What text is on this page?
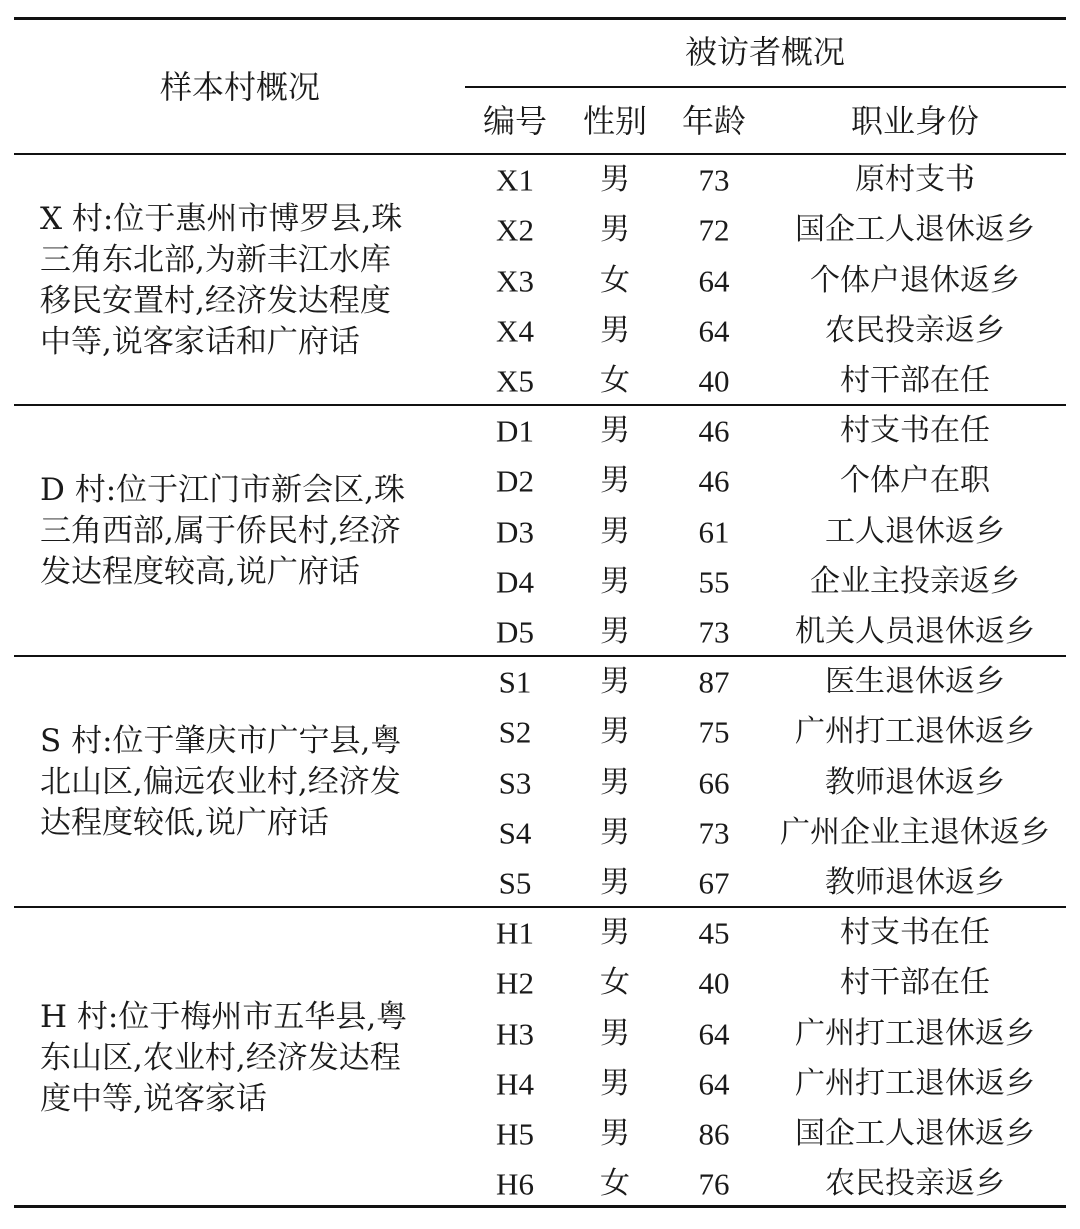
样本村概况
被访者概况
编号 性别 年龄	职业身份
X 村:位于惠州市博罗县,珠
三角东北部,为新丰江水库
移民安置村,经济发达程度
中等,说客家话和广府话
X1 男 73	原村支书
X2 男 72 国企工人退休返乡
X3 女 64	个体户退休返乡
X4 男 64	农民投亲返乡
X5 女 40	村干部在任
D 村:位于江门市新会区,珠
三角西部,属于侨民村,经济
发达程度较高,说广府话
D1 男 46	村支书在任
D2 男 46	个体户在职
D3 男 61	工人退休返乡
D4 男 55	企业主投亲返乡
D5 男 73 机关人员退休返乡
S 村:位于肇庆市广宁县,粤
北山区,偏远农业村,经济发
达程度较低,说广府话
S1 男 87	医生退休返乡
S2 男 75 广州打工退休返乡
S3 男 66	教师退休返乡
S4 男 73 广州企业主退休返乡
S5 男 67	教师退休返乡
H 村:位于梅州市五华县,粤
东山区,农业村,经济发达程
度中等,说客家话
H1 男 45	村支书在任
H2 女 40	村干部在任
H3 男 64 广州打工退休返乡
H4 男 64 广州打工退休返乡
H5 男 86 国企工人退休返乡
H6 女 76	农民投亲返乡
